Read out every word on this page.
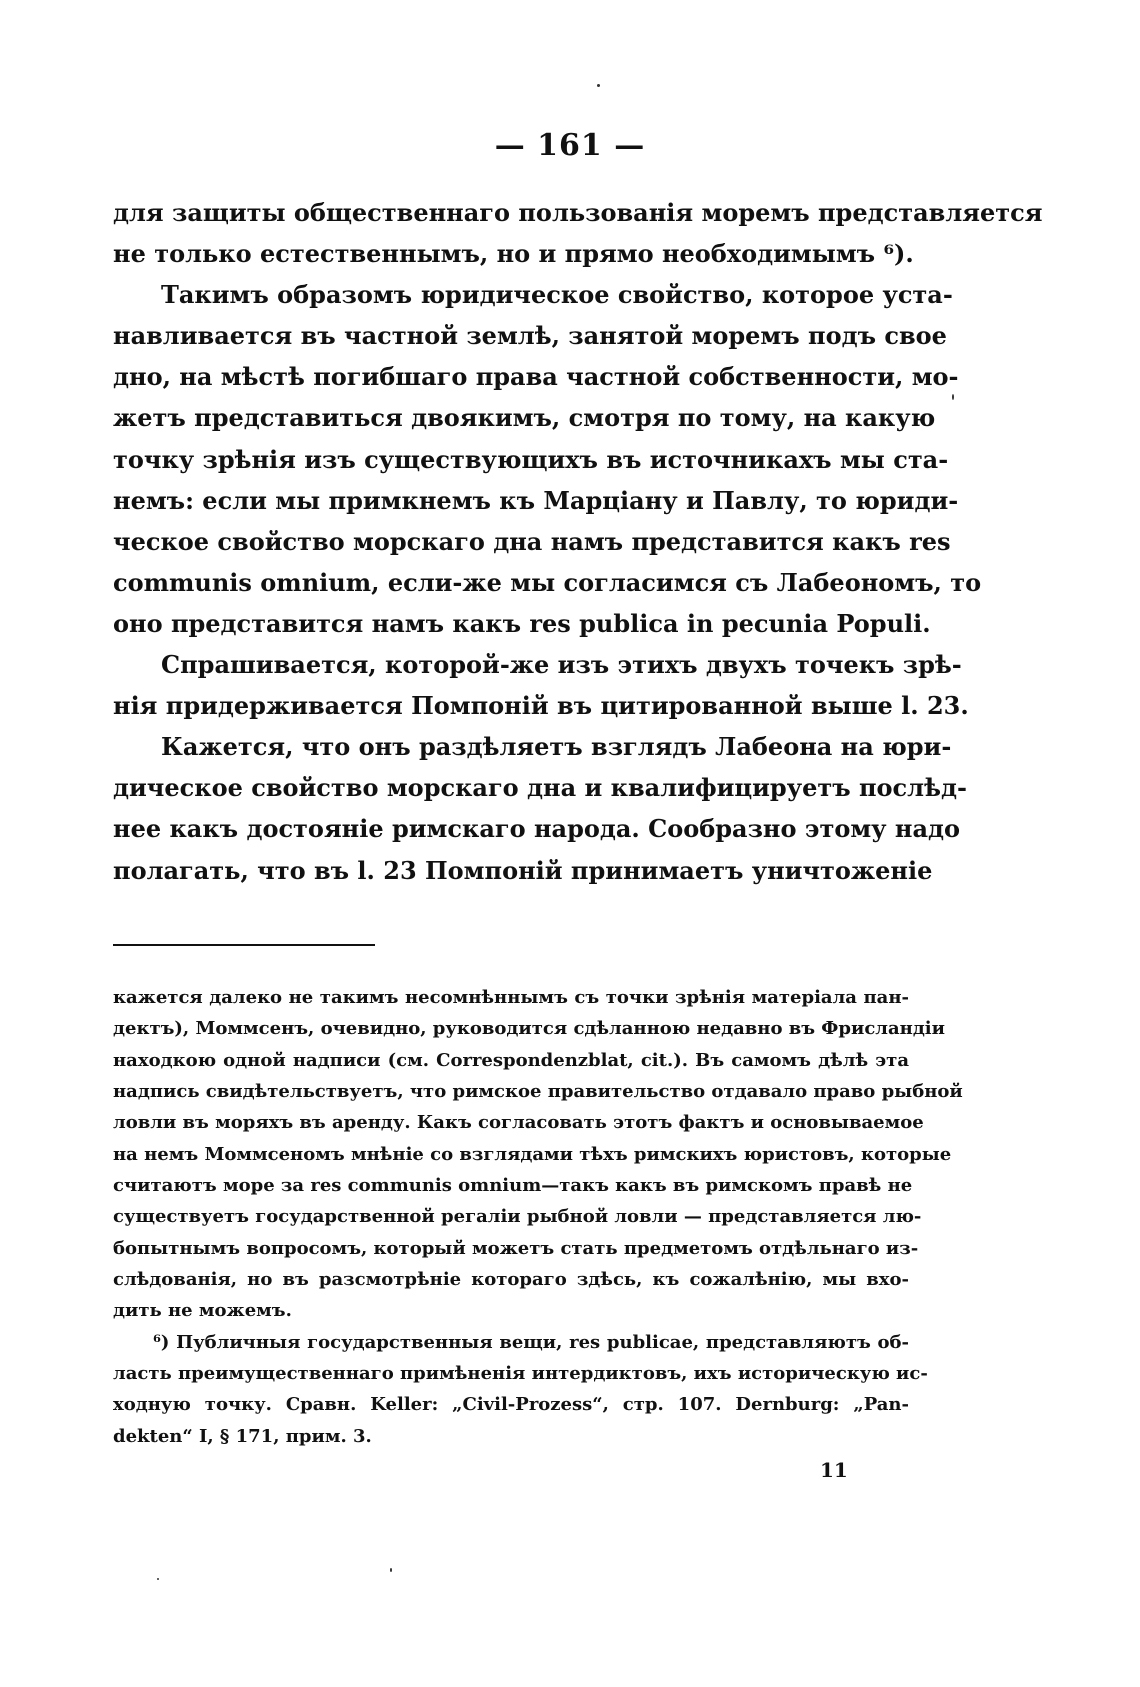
— 161 —
для защиты общественнаго пользованія моремъ представляется
не только естественнымъ, но и прямо необходимымъ ⁶).
Такимъ образомъ юридическое свойство, которое уста-
навливается въ частной землѣ, занятой моремъ подъ свое
дно, на мѣстѣ погибшаго права частной собственности, мо-
жетъ представиться двоякимъ, смотря по тому, на какую
точку зрѣнія изъ существующихъ въ источникахъ мы ста-
немъ: если мы примкнемъ къ Марціану и Павлу, то юриди-
ческое свойство морскаго дна намъ представится какъ res
communis omnium, если-же мы согласимся съ Лабеономъ, то
оно представится намъ какъ res publica in pecunia Populi.
Спрашивается, которой-же изъ этихъ двухъ точекъ зрѣ-
нія придерживается Помпоній въ цитированной выше l. 23.
Кажется, что онъ раздѣляетъ взглядъ Лабеона на юри-
дическое свойство морскаго дна и квалифицируетъ послѣд-
нее какъ достояніе римскаго народа. Сообразно этому надо
полагать, что въ l. 23 Помпоній принимаетъ уничтоженіе
кажется далеко не такимъ несомнѣннымъ съ точки зрѣнія матеріала пан-
дектъ), Моммсенъ, очевидно, руководится сдѣланною недавно въ Фрисландіи
находкою одной надписи (см. Correspondenzblat, cit.). Въ самомъ дѣлѣ эта
надпись свидѣтельствуетъ, что римское правительство отдавало право рыбной
ловли въ моряхъ въ аренду. Какъ согласовать этотъ фактъ и основываемое
на немъ Моммсеномъ мнѣніе со взглядами тѣхъ римскихъ юристовъ, которые
считаютъ море за res communis omnium—такъ какъ въ римскомъ правѣ не
существуетъ государственной регаліи рыбной ловли — представляется лю-
бопытнымъ вопросомъ, который можетъ стать предметомъ отдѣльнаго из-
слѣдованія, но въ разсмотрѣніе котораго здѣсь, къ сожалѣнію, мы вхо-
дить не можемъ.
⁶) Публичныя государственныя вещи, res publicae, представляютъ об-
ласть преимущественнаго примѣненія интердиктовъ, ихъ историческую ис-
ходную точку. Сравн. Keller: „Civil-Prozess“, стр. 107. Dernburg: „Pan-
dekten“ I, § 171, прим. 3.
11
